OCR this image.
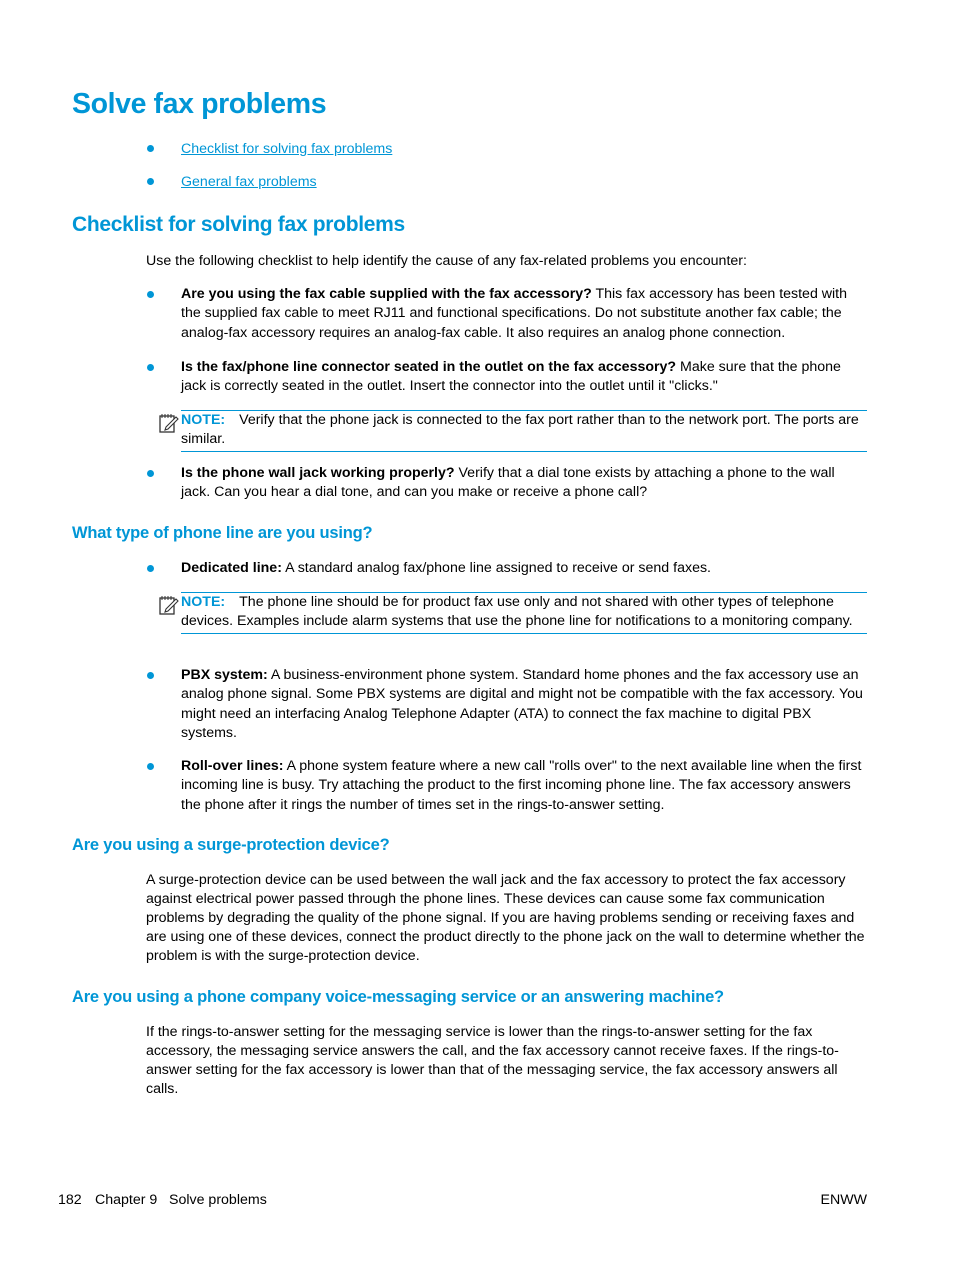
Solve fax problems
Checklist for solving fax problems
General fax problems
Checklist for solving fax problems

Use the following checklist to help identify the cause of any fax-related problems you encounter:

Are you using the fax cable supplied with the fax accessory? This fax accessory has been tested with the supplied fax cable to meet RJ11 and functional specifications. Do not substitute another fax cable; the analog-fax accessory requires an analog-fax cable. It also requires an analog phone connection.
Is the fax/phone line connector seated in the outlet on the fax accessory? Make sure that the phone jack is correctly seated in the outlet. Insert the connector into the outlet until it "clicks."
NOTE: Verify that the phone jack is connected to the fax port rather than to the network port. The ports are similar.
Is the phone wall jack working properly? Verify that a dial tone exists by attaching a phone to the wall jack. Can you hear a dial tone, and can you make or receive a phone call?
What type of phone line are you using?
Dedicated line: A standard analog fax/phone line assigned to receive or send faxes.
NOTE: The phone line should be for product fax use only and not shared with other types of telephone devices. Examples include alarm systems that use the phone line for notifications to a monitoring company.
PBX system: A business-environment phone system. Standard home phones and the fax accessory use an analog phone signal. Some PBX systems are digital and might not be compatible with the fax accessory. You might need an interfacing Analog Telephone Adapter (ATA) to connect the fax machine to digital PBX systems.
Roll-over lines: A phone system feature where a new call "rolls over" to the next available line when the first incoming line is busy. Try attaching the product to the first incoming phone line. The fax accessory answers the phone after it rings the number of times set in the rings-to-answer setting.
Are you using a surge-protection device?

A surge-protection device can be used between the wall jack and the fax accessory to protect the fax accessory against electrical power passed through the phone lines. These devices can cause some fax communication problems by degrading the quality of the phone signal. If you are having problems sending or receiving faxes and are using one of these devices, connect the product directly to the phone jack on the wall to determine whether the problem is with the surge-protection device.

Are you using a phone company voice-messaging service or an answering machine?

If the rings-to-answer setting for the messaging service is lower than the rings-to-answer setting for the fax accessory, the messaging service answers the call, and the fax accessory cannot receive faxes. If the rings-to-answer setting for the fax accessory is lower than that of the messaging service, the fax accessory answers all calls.

182 Chapter 9 Solve problems	ENWW
